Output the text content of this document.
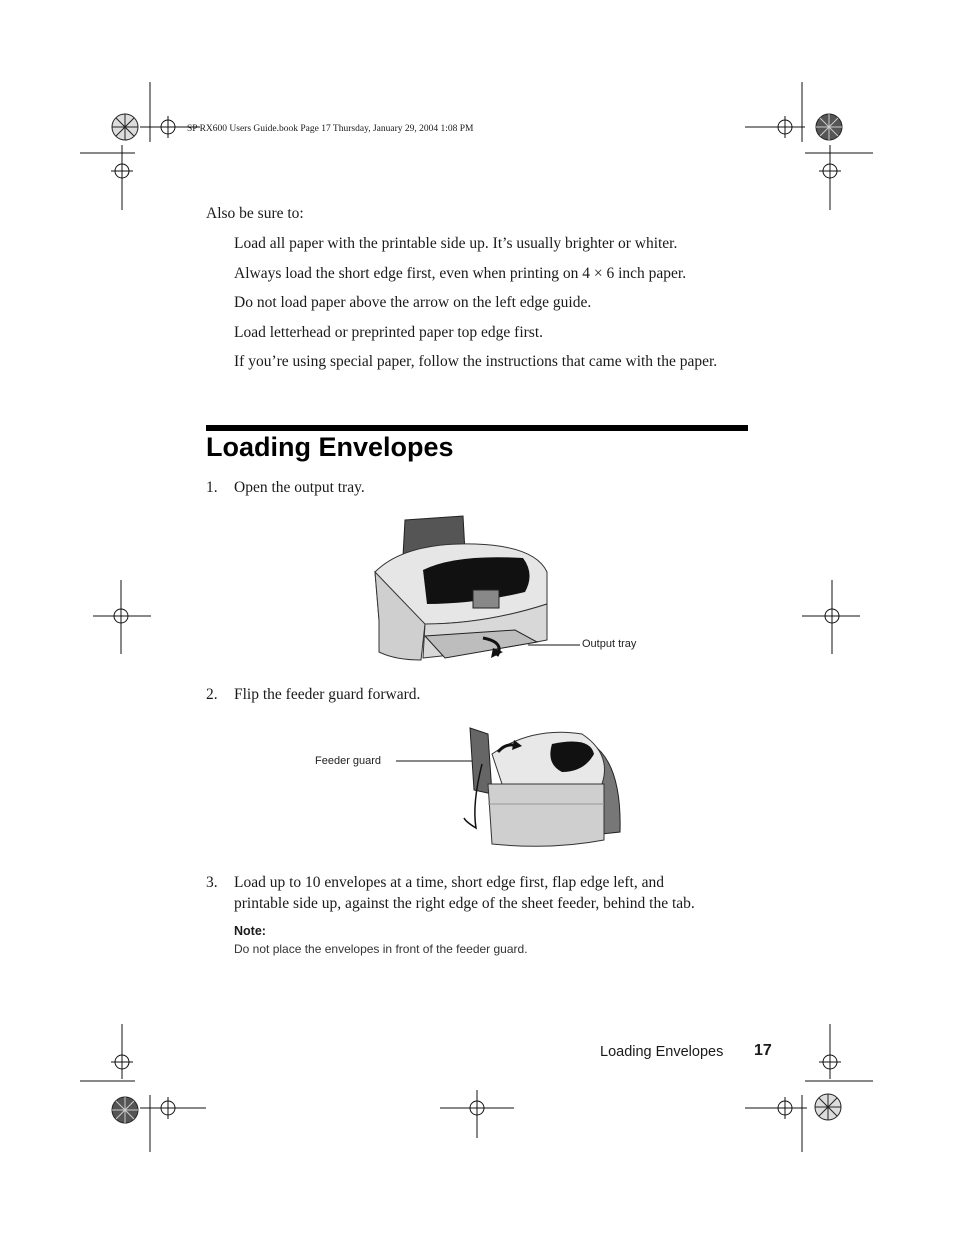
SP RX600 Users Guide.book Page 17 Thursday, January 29, 2004 1:08 PM
Also be sure to:
Load all paper with the printable side up. It’s usually brighter or whiter.
Always load the short edge first, even when printing on 4 × 6 inch paper.
Do not load paper above the arrow on the left edge guide.
Load letterhead or preprinted paper top edge first.
If you’re using special paper, follow the instructions that came with the paper.
Loading Envelopes
1. Open the output tray.
Output tray
2. Flip the feeder guard forward.
Feeder guard
3. Load up to 10 envelopes at a time, short edge first, flap edge left, and
printable side up, against the right edge of the sheet feeder, behind the tab.
Note:
Do not place the envelopes in front of the feeder guard.
Loading Envelopes 17
